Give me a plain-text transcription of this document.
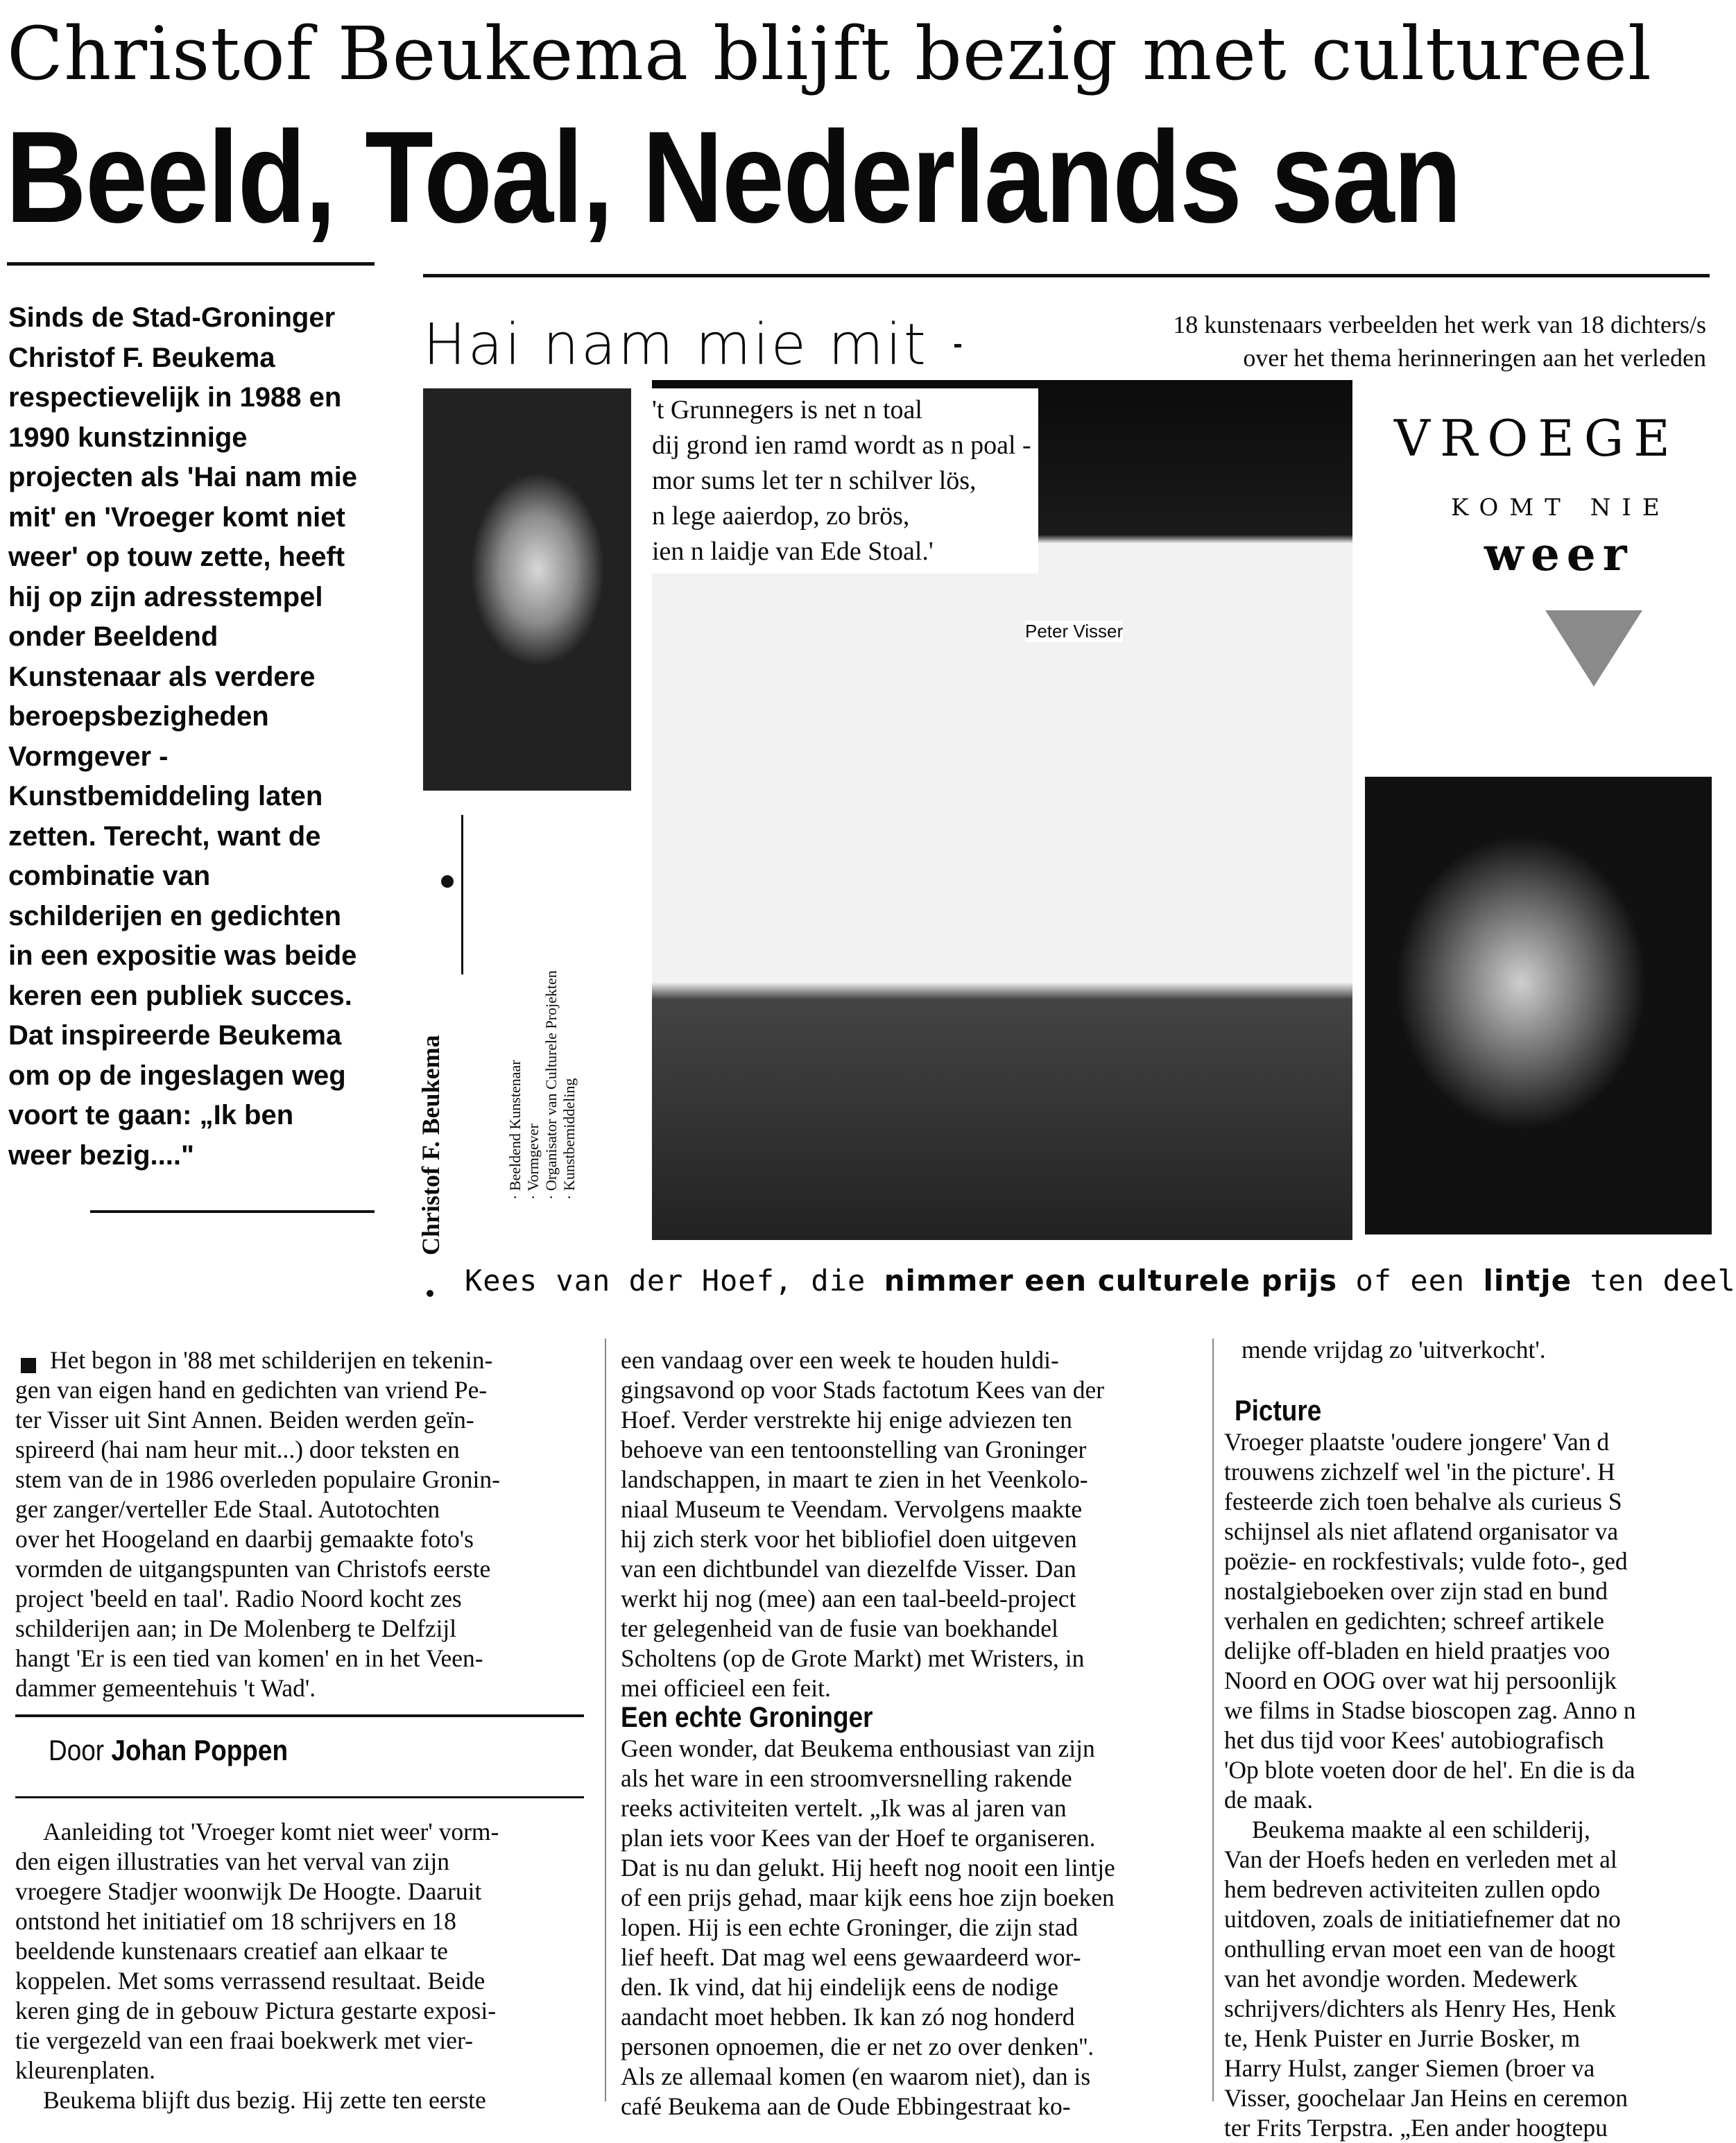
Christof Beukema blijft bezig met cultureel
Beeld, Toal, Nederlands san
Sinds de Stad-Groninger
Christof F. Beukema
respectievelijk in 1988 en
1990 kunstzinnige
projecten als 'Hai nam mie
mit' en 'Vroeger komt niet
weer' op touw zette, heeft
hij op zijn adresstempel
onder Beeldend
Kunstenaar als verdere
beroepsbezigheden
Vormgever -
Kunstbemiddeling laten
zetten. Terecht, want de
combinatie van
schilderijen en gedichten
in een expositie was beide
keren een publiek succes.
Dat inspireerde Beukema
om op de ingeslagen weg
voort te gaan: „Ik ben
weer bezig...."
Hai nam mie mit	18 kunstenaars verbeelden het werk van 18 dichters/s
over het thema herinneringen aan het verleden
't Grunnegers is net n toal
dij grond ien ramd wordt as n poal -
mor sums let ter n schilver lös,
n lege aaierdop, zo brös,
ien n laidje van Ede Stoal.'
Peter Visser
VROEGE
KOMT NIE
weer
Christof F. Beukema	· Beeldend Kunstenaar · Vormgever · Organisator van Culturele Projekten · Kunstbemiddeling
Kees van der Hoef, die nimmer een culturele prijs of een lintje ten deel
Het begon in '88 met schilderijen en tekenin-
gen van eigen hand en gedichten van vriend Pe-
ter Visser uit Sint Annen. Beiden werden geïn-
spireerd (hai nam heur mit...) door teksten en
stem van de in 1986 overleden populaire Gronin-
ger zanger/verteller Ede Staal. Autotochten
over het Hoogeland en daarbij gemaakte foto's
vormden de uitgangspunten van Christofs eerste
project 'beeld en taal'. Radio Noord kocht zes
schilderijen aan; in De Molenberg te Delfzijl
hangt 'Er is een tied van komen' en in het Veen-
dammer gemeentehuis 't Wad'.
Door Johan Poppen
Aanleiding tot 'Vroeger komt niet weer' vorm-
den eigen illustraties van het verval van zijn
vroegere Stadjer woonwijk De Hoogte. Daaruit
ontstond het initiatief om 18 schrijvers en 18
beeldende kunstenaars creatief aan elkaar te
koppelen. Met soms verrassend resultaat. Beide
keren ging de in gebouw Pictura gestarte exposi-
tie vergezeld van een fraai boekwerk met vier-
kleurenplaten.
Beukema blijft dus bezig. Hij zette ten eerste
een vandaag over een week te houden huldi-
gingsavond op voor Stads factotum Kees van der
Hoef. Verder verstrekte hij enige adviezen ten
behoeve van een tentoonstelling van Groninger
landschappen, in maart te zien in het Veenkolo-
niaal Museum te Veendam. Vervolgens maakte
hij zich sterk voor het bibliofiel doen uitgeven
van een dichtbundel van diezelfde Visser. Dan
werkt hij nog (mee) aan een taal-beeld-project
ter gelegenheid van de fusie van boekhandel
Scholtens (op de Grote Markt) met Wristers, in
mei officieel een feit.
Een echte Groninger
Geen wonder, dat Beukema enthousiast van zijn
als het ware in een stroomversnelling rakende
reeks activiteiten vertelt. „Ik was al jaren van
plan iets voor Kees van der Hoef te organiseren.
Dat is nu dan gelukt. Hij heeft nog nooit een lintje
of een prijs gehad, maar kijk eens hoe zijn boeken
lopen. Hij is een echte Groninger, die zijn stad
lief heeft. Dat mag wel eens gewaardeerd wor-
den. Ik vind, dat hij eindelijk eens de nodige
aandacht moet hebben. Ik kan zó nog honderd
personen opnoemen, die er net zo over denken''.
Als ze allemaal komen (en waarom niet), dan is
café Beukema aan de Oude Ebbingestraat ko-
mende vrijdag zo 'uitverkocht'.
Picture
Vroeger plaatste 'oudere jongere' Van d
trouwens zichzelf wel 'in the picture'. H
festeerde zich toen behalve als curieus S
schijnsel als niet aflatend organisator va
poëzie- en rockfestivals; vulde foto-, ged
nostalgieboeken over zijn stad en bund
verhalen en gedichten; schreef artikele
delijke off-bladen en hield praatjes voo
Noord en OOG over wat hij persoonlijk
we films in Stadse bioscopen zag. Anno n
het dus tijd voor Kees' autobiografisch
'Op blote voeten door de hel'. En die is da
de maak.
Beukema maakte al een schilderij,
Van der Hoefs heden en verleden met al
hem bedreven activiteiten zullen opdo
uitdoven, zoals de initiatiefnemer dat no
onthulling ervan moet een van de hoogt
van het avondje worden. Medewerk
schrijvers/dichters als Henry Hes, Henk
te, Henk Puister en Jurrie Bosker, m
Harry Hulst, zanger Siemen (broer va
Visser, goochelaar Jan Heins en ceremon
ter Frits Terpstra. „Een ander hoogtepu
